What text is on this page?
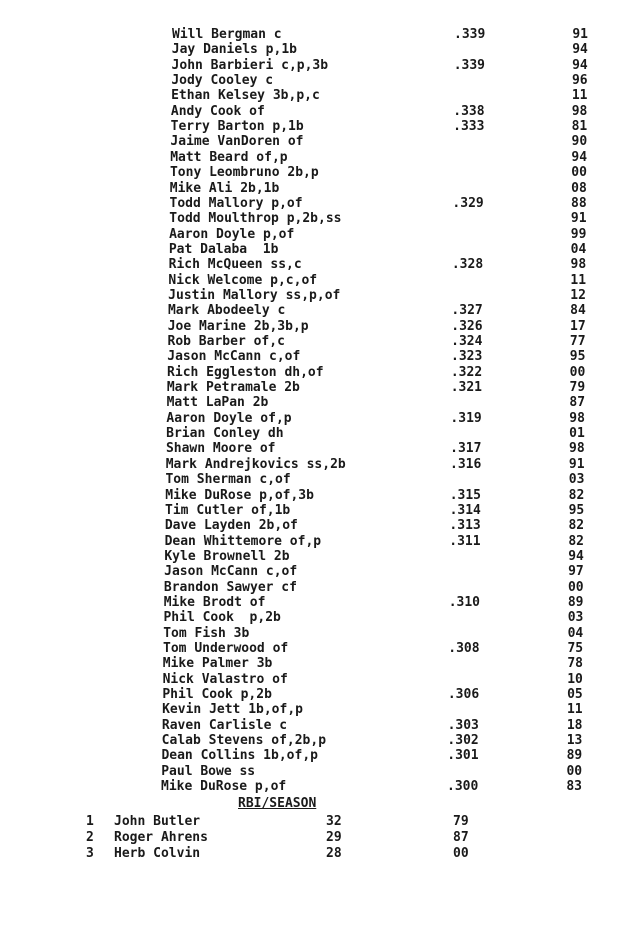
Will Bergman c	.339	91
Jay Daniels p,1b	94
John Barbieri c,p,3b	.339	94
Jody Cooley c	96
Ethan Kelsey 3b,p,c	11
Andy Cook of	.338	98
Terry Barton p,1b	.333	81
Jaime VanDoren of	90
Matt Beard of,p	94
Tony Leombruno 2b,p	00
Mike Ali 2b,1b	08
Todd Mallory p,of	.329	88
Todd Moulthrop p,2b,ss	91
Aaron Doyle p,of	99
Pat Dalaba  1b	04
Rich McQueen ss,c	.328	98
Nick Welcome p,c,of	11
Justin Mallory ss,p,of	12
Mark Abodeely c	.327	84
Joe Marine 2b,3b,p	.326	17
Rob Barber of,c	.324	77
Jason McCann c,of	.323	95
Rich Eggleston dh,of	.322	00
Mark Petramale 2b	.321	79
Matt LaPan 2b	87
Aaron Doyle of,p	.319	98
Brian Conley dh	01
Shawn Moore of	.317	98
Mark Andrejkovics ss,2b	.316	91
Tom Sherman c,of	03
Mike DuRose p,of,3b	.315	82
Tim Cutler of,1b	.314	95
Dave Layden 2b,of	.313	82
Dean Whittemore of,p	.311	82
Kyle Brownell 2b	94
Jason McCann c,of	97
Brandon Sawyer cf	00
Mike Brodt of	.310	89
Phil Cook  p,2b	03
Tom Fish 3b	04
Tom Underwood of	.308	75
Mike Palmer 3b	78
Nick Valastro of	10
Phil Cook p,2b	.306	05
Kevin Jett 1b,of,p	11
Raven Carlisle c	.303	18
Calab Stevens of,2b,p	.302	13
Dean Collins 1b,of,p	.301	89
Paul Bowe ss	00
Mike DuRose p,of	.300	83
RBI/SEASON
1 John Butler	32	79
2 Roger Ahrens	29	87
3 Herb Colvin	28	00
